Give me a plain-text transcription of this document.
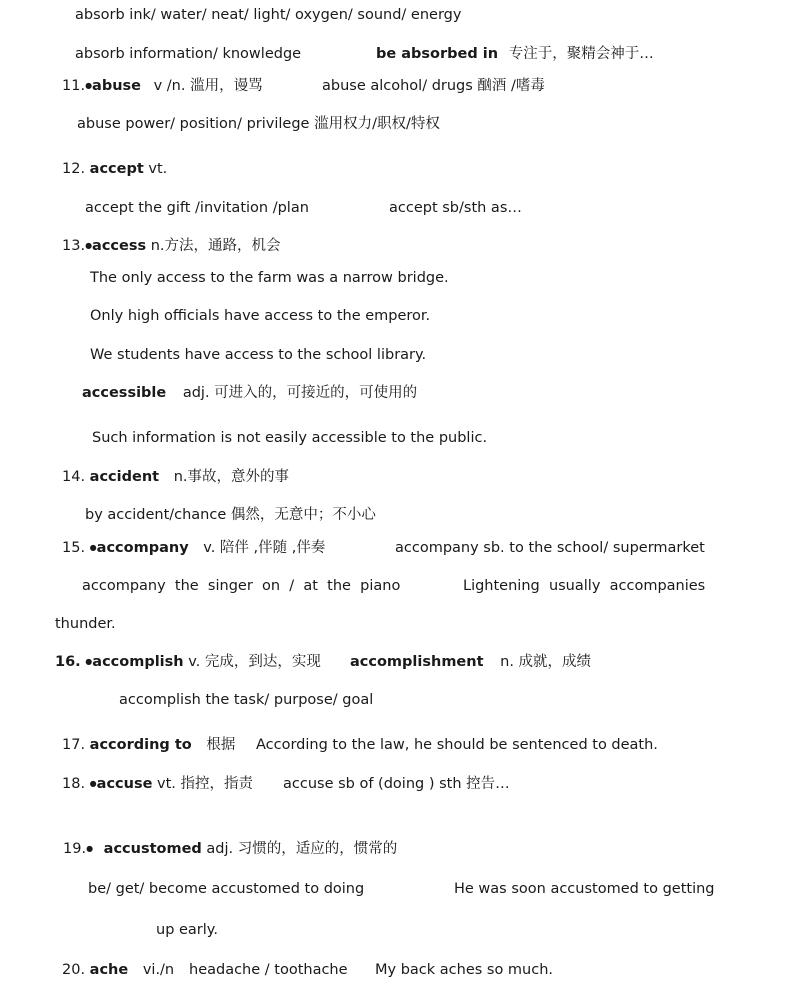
absorb ink/ water/ neat/ light/ oxygen/ sound/ energy
absorb information/ knowledge	be absorbed in 专注于，聚精会神于…
11.●abuse v /n. 滥用，谩骂	abuse alcohol/ drugs 酗酒 /嗜毒
abuse power/ position/ privilege 滥用权力/职权/特权
12. accept vt.
accept the gift /invitation /plan	accept sb/sth as…
13.●access n.方法，通路，机会
The only access to the farm was a narrow bridge.
Only high officials have access to the emperor.
We students have access to the school library.
accessible adj. 可进入的，可接近的，可使用的
Such information is not easily accessible to the public.
14. accident n.事故，意外的事
by accident/chance 偶然，无意中；不小心
15. ●accompany v. 陪伴 ,伴随 ,伴奏	accompany sb. to the school/ supermarket
accompany  the  singer  on  /  at  the  piano	Lightening  usually  accompanies
thunder.
16. ●accomplish v. 完成，到达，实现 accomplishment n. 成就，成绩
accomplish the task/ purpose/ goal
17. according to 根据 According to the law, he should be sentenced to death.
18. ●accuse vt. 指控，指责 accuse sb of (doing ) sth 控告…
19.● accustomed adj. 习惯的，适应的，惯常的
be/ get/ become accustomed to doing	He was soon accustomed to getting
up early.
20. ache vi./n headache / toothache My back aches so much.
